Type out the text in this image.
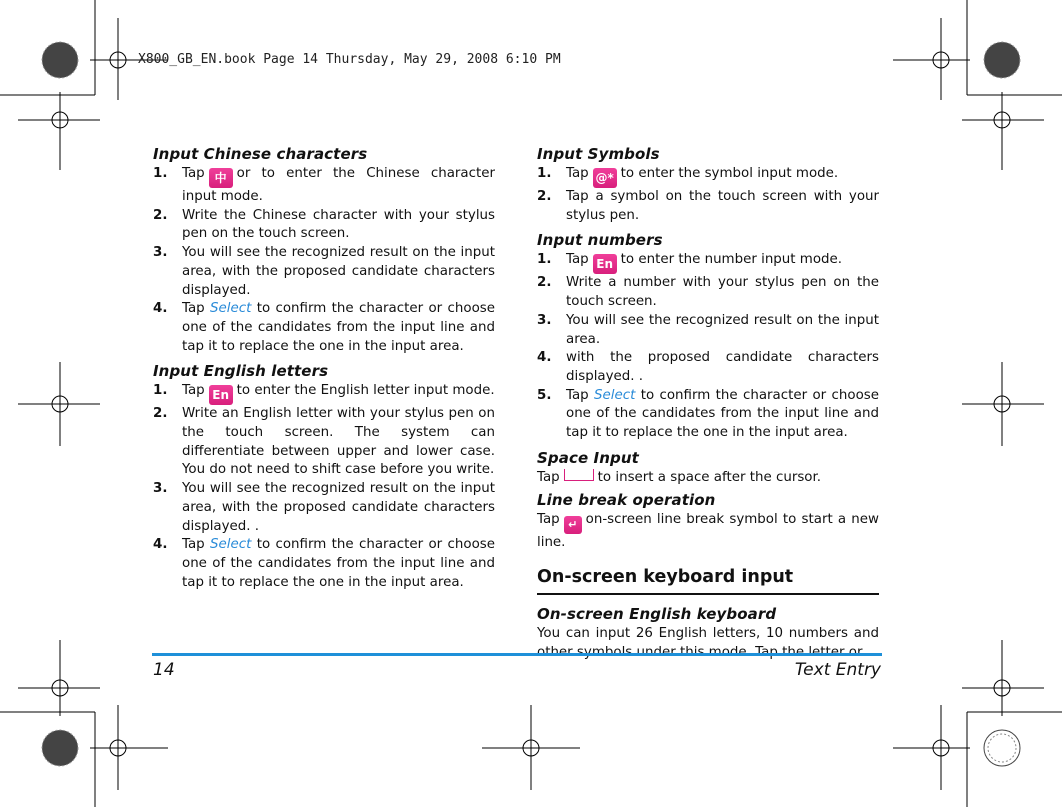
X800_GB_EN.book Page 14 Thursday, May 29, 2008 6:10 PM
Input Chinese characters
1.	Tap 中 or to enter the Chinese character input mode.
2.	Write the Chinese character with your stylus pen on the touch screen.
3.	You will see the recognized result on the input area, with the proposed candidate characters displayed.
4.	Tap Select to confirm the character or choose one of the candidates from the input line and tap it to replace the one in the input area.
Input English letters
1.	Tap En to enter the English letter input mode.
2.	Write an English letter with your stylus pen on the touch screen. The system can differentiate between upper and lower case. You do not need to shift case before you write.
3.	You will see the recognized result on the input area, with the proposed candidate characters displayed. .
4.	Tap Select to confirm the character or choose one of the candidates from the input line and tap it to replace the one in the input area.
Input Symbols
1.	Tap @* to enter the symbol input mode.
2.	Tap a symbol on the touch screen with your stylus pen.
Input numbers
1.	Tap En to enter the number input mode.
2.	Write a number with your stylus pen on the touch screen.
3.	You will see the recognized result on the input area.
4.	with the proposed candidate characters displayed. .
5.	Tap Select to confirm the character or choose one of the candidates from the input line and tap it to replace the one in the input area.
Space Input

Tap	to insert a space after the cursor.

Line break operation

Tap ↵ on-screen line break symbol to start a new line.

On-screen keyboard input
On-screen English keyboard

You can input 26 English letters, 10 numbers and

14	Text Entry
